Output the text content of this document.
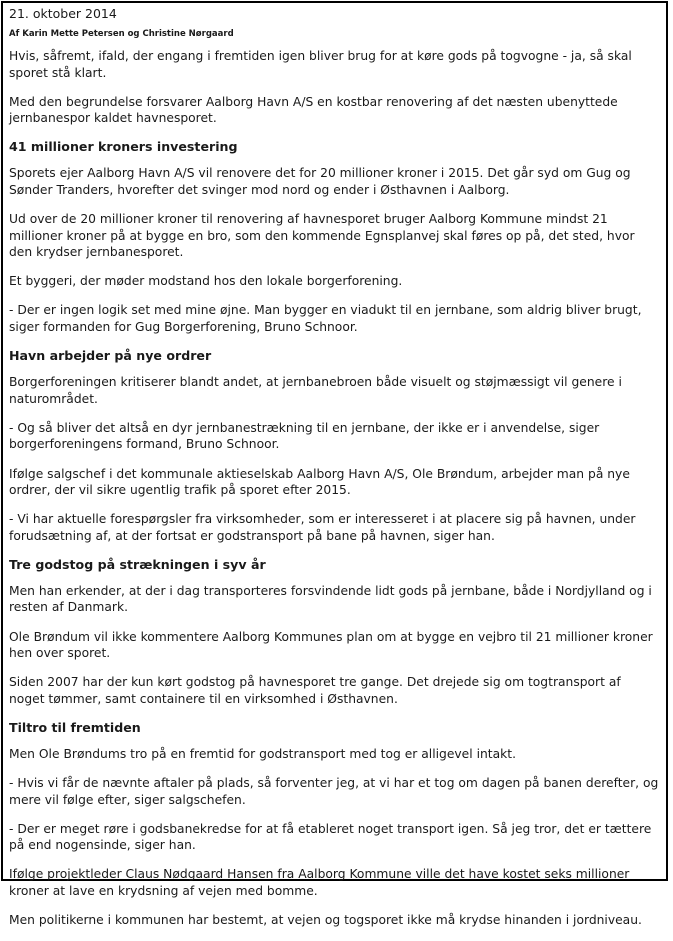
21. oktober 2014
Af Karin Mette Petersen og Christine Nørgaard

Hvis, såfremt, ifald, der engang i fremtiden igen bliver brug for at køre gods på togvogne - ja, så skal sporet stå klart.

Med den begrundelse forsvarer Aalborg Havn A/S en kostbar renovering af det næsten ubenyttede jernbanespor kaldet havnesporet.

41 millioner kroners investering

Sporets ejer Aalborg Havn A/S vil renovere det for 20 millioner kroner i 2015. Det går syd om Gug og Sønder Tranders, hvorefter det svinger mod nord og ender i Østhavnen i Aalborg.

Ud over de 20 millioner kroner til renovering af havnesporet bruger Aalborg Kommune mindst 21 millioner kroner på at bygge en bro, som den kommende Egnsplanvej skal føres op på, det sted, hvor den krydser jernbanesporet.

Et byggeri, der møder modstand hos den lokale borgerforening.

- Der er ingen logik set med mine øjne. Man bygger en viadukt til en jernbane, som aldrig bliver brugt, siger formanden for Gug Borgerforening, Bruno Schnoor.

Havn arbejder på nye ordrer

Borgerforeningen kritiserer blandt andet, at jernbanebroen både visuelt og støjmæssigt vil genere i naturområdet.

- Og så bliver det altså en dyr jernbanestrækning til en jernbane, der ikke er i anvendelse, siger borgerforeningens formand, Bruno Schnoor.

Ifølge salgschef i det kommunale aktieselskab Aalborg Havn A/S, Ole Brøndum, arbejder man på nye ordrer, der vil sikre ugentlig trafik på sporet efter 2015.

- Vi har aktuelle forespørgsler fra virksomheder, som er interesseret i at placere sig på havnen, under forudsætning af, at der fortsat er godstransport på bane på havnen, siger han.

Tre godstog på strækningen i syv år

Men han erkender, at der i dag transporteres forsvindende lidt gods på jernbane, både i Nordjylland og i resten af Danmark.

Ole Brøndum vil ikke kommentere Aalborg Kommunes plan om at bygge en vejbro til 21 millioner kroner hen over sporet.

Siden 2007 har der kun kørt godstog på havnesporet tre gange. Det drejede sig om togtransport af noget tømmer, samt containere til en virksomhed i Østhavnen.

Tiltro til fremtiden

Men Ole Brøndums tro på en fremtid for godstransport med tog er alligevel intakt.

- Hvis vi får de nævnte aftaler på plads, så forventer jeg, at vi har et tog om dagen på banen derefter, og mere vil følge efter, siger salgschefen.

- Der er meget røre i godsbanekredse for at få etableret noget transport igen. Så jeg tror, det er tættere på end nogensinde, siger han.

Ifølge projektleder Claus Nødgaard Hansen fra Aalborg Kommune ville det have kostet seks millioner kroner at lave en krydsning af vejen med bomme.

Men politikerne i kommunen har bestemt, at vejen og togsporet ikke må krydse hinanden i jordniveau.
